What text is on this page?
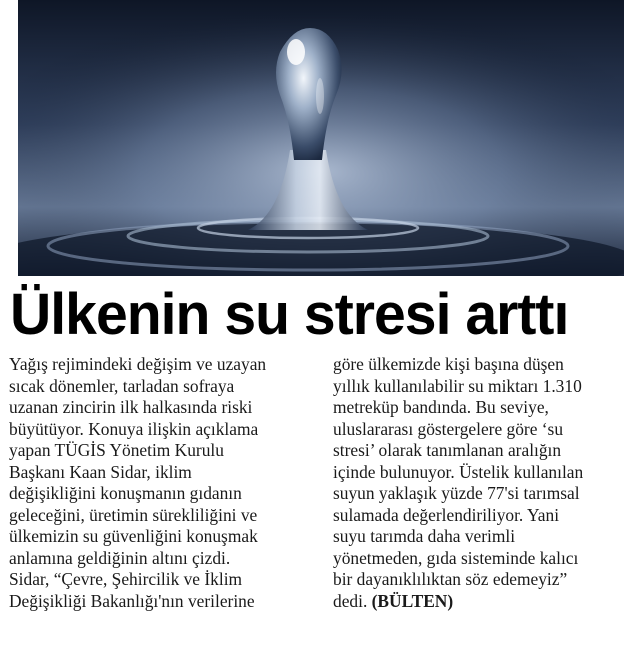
Ülkenin su stresi arttı
Yağış rejimindeki değişim ve uzayan
sıcak dönemler, tarladan sofraya
uzanan zincirin ilk halkasında riski
büyütüyor. Konuya ilişkin açıklama
yapan TÜGİS Yönetim Kurulu
Başkanı Kaan Sidar, iklim
değişikliğini konuşmanın gıdanın
geleceğini, üretimin sürekliliğini ve
ülkemizin su güvenliğini konuşmak
anlamına geldiğinin altını çizdi.
Sidar, “Çevre, Şehircilik ve İklim
Değişikliği Bakanlığı'nın verilerine
göre ülkemizde kişi başına düşen
yıllık kullanılabilir su miktarı 1.310
metreküp bandında. Bu seviye,
uluslararası göstergelere göre ‘su
stresi’ olarak tanımlanan aralığın
içinde bulunuyor. Üstelik kullanılan
suyun yaklaşık yüzde 77'si tarımsal
sulamada değerlendiriliyor. Yani
suyu tarımda daha verimli
yönetmeden, gıda sisteminde kalıcı
bir dayanıklılıktan söz edemeyiz”
dedi. (BÜLTEN)
